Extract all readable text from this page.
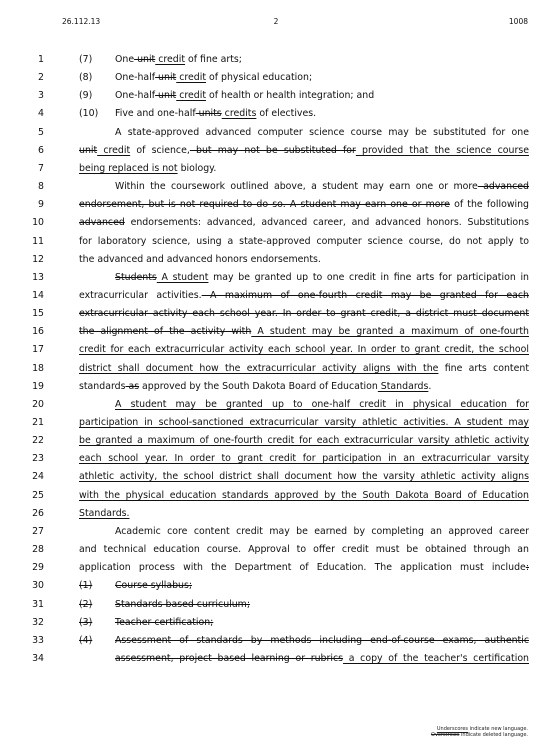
26.112.13	2	1008
1	(7) One unit credit of fine arts;
2	(8) One-half unit credit of physical education;
3	(9) One-half unit credit of health or health integration; and
4	(10) Five and one-half units credits of electives.
5	A state-approved advanced computer science course may be substituted for one
6	unit credit of science, but may not be substituted for provided that the science course
7	being replaced is not biology.
8	Within the coursework outlined above, a student may earn one or more advanced
9	endorsement, but is not required to do so. A student may earn one or more of the following
10	advanced endorsements: advanced, advanced career, and advanced honors. Substitutions
11	for laboratory science, using a state-approved computer science course, do not apply to
12	the advanced and advanced honors endorsements.
13	Students A student may be granted up to one credit in fine arts for participation in
14	extracurricular activities. A maximum of one-fourth credit may be granted for each
15	extracurricular activity each school year. In order to grant credit, a district must document
16	the alignment of the activity with A student may be granted a maximum of one-fourth
17	credit for each extracurricular activity each school year. In order to grant credit, the school
18	district shall document how the extracurricular activity aligns with the fine arts content
19	standards as approved by the South Dakota Board of Education Standards.
20	A student may be granted up to one-half credit in physical education for
21	participation in school-sanctioned extracurricular varsity athletic activities. A student may
22	be granted a maximum of one-fourth credit for each extracurricular varsity athletic activity
23	each school year. In order to grant credit for participation in an extracurricular varsity
24	athletic activity, the school district shall document how the varsity athletic activity aligns
25	with the physical education standards approved by the South Dakota Board of Education
26	Standards.
27	Academic core content credit may be earned by completing an approved career
28	and technical education course. Approval to offer credit must be obtained through an
29	application process with the Department of Education. The application must include:
30	(1) Course syllabus;
31	(2) Standards based curriculum;
32	(3) Teacher certification;
33	(4) Assessment of standards by methods including end-of-course exams, authentic
34	assessment, project based learning or rubrics a copy of the teacher's certification
Underscores indicate new language.
Overstrikes indicate deleted language.
